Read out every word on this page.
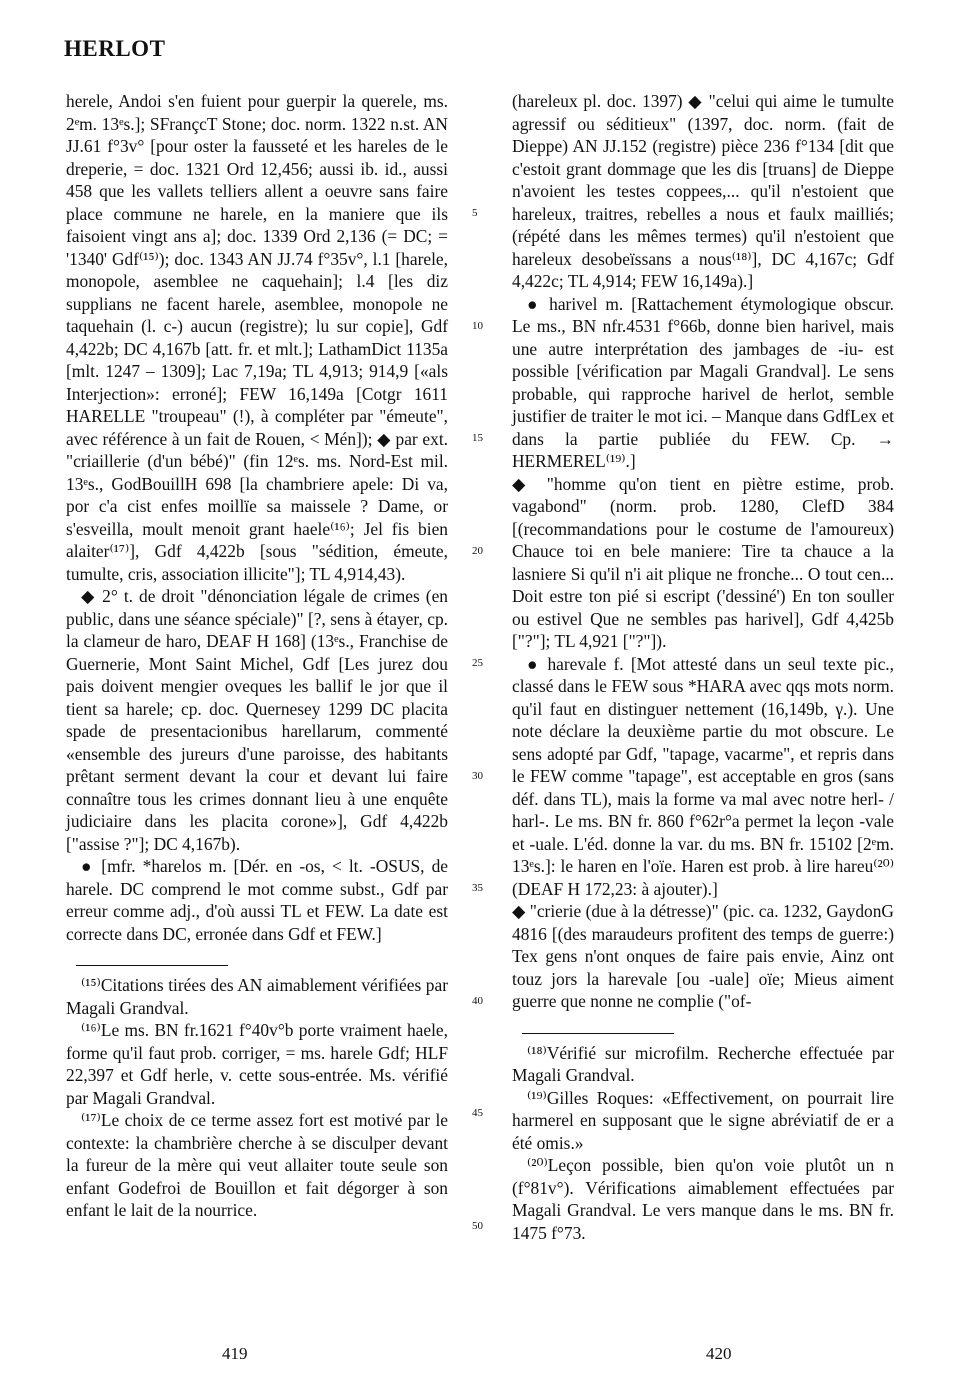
HERLOT

herele, Andoi s'en fuient pour guerpir la querele, ms. 2ᵉm. 13ᵉs.]; SFrançcT Stone; doc. norm. 1322 n.st. AN JJ.61 f°3v° [pour oster la fausseté et les hareles de le dreperie, = doc. 1321 Ord 12,456; aussi ib. id., aussi 458 que les vallets telliers allent a oeuvre sans faire place commune ne harele, en la maniere que ils faisoient vingt ans a]; doc. 1339 Ord 2,136 (= DC; = '1340' Gdf⁽¹⁵⁾); doc. 1343 AN JJ.74 f°35v°, l.1 [harele, monopole, asemblee ne caquehain]; l.4 [les diz supplians ne facent harele, asemblee, monopole ne taquehain (l. c-) aucun (registre); lu sur copie], Gdf 4,422b; DC 4,167b [att. fr. et mlt.]; LathamDict 1135a [mlt. 1247 – 1309]; Lac 7,19a; TL 4,913; 914,9 [«als Interjection»: erroné]; FEW 16,149a [Cotgr 1611 HARELLE "troupeau" (!), à compléter par "émeute", avec référence à un fait de Rouen, < Mén]); ◆ par ext. "criaillerie (d'un bébé)" (fin 12ᵉs. ms. Nord-Est mil. 13ᵉs., GodBouillH 698 [la chambriere apele: Di va, por c'a cist enfes moillïe sa maissele ? Dame, or s'esveilla, moult menoit grant haele⁽¹⁶⁾; Jel fis bien alaiter⁽¹⁷⁾], Gdf 4,422b [sous "sédition, émeute, tumulte, cris, association illicite"]; TL 4,914,43).

◆ 2° t. de droit "dénonciation légale de crimes (en public, dans une séance spéciale)" [?, sens à étayer, cp. la clameur de haro, DEAF H 168] (13ᵉs., Franchise de Guernerie, Mont Saint Michel, Gdf [Les jurez dou pais doivent mengier oveques les ballif le jor que il tient sa harele; cp. doc. Quernesey 1299 DC placita spade de presentacionibus harellarum, commenté «ensemble des jureurs d'une paroisse, des habitants prêtant serment devant la cour et devant lui faire connaître tous les crimes donnant lieu à une enquête judiciaire dans les placita corone»], Gdf 4,422b ["assise ?"]; DC 4,167b).

● [mfr. *harelos m. [Dér. en -os, < lt. -OSUS, de harele. DC comprend le mot comme subst., Gdf par erreur comme adj., d'où aussi TL et FEW. La date est correcte dans DC, erronée dans Gdf et FEW.]

⁽¹⁵⁾Citations tirées des AN aimablement vérifiées par Magali Grandval.

⁽¹⁶⁾Le ms. BN fr.1621 f°40v°b porte vraiment haele, forme qu'il faut prob. corriger, = ms. harele Gdf; HLF 22,397 et Gdf herle, v. cette sous-entrée. Ms. vérifié par Magali Grandval.

⁽¹⁷⁾Le choix de ce terme assez fort est motivé par le contexte: la chambrière cherche à se disculper devant la fureur de la mère qui veut allaiter toute seule son enfant Godefroi de Bouillon et fait dégorger à son enfant le lait de la nourrice.

5
10
15
20
25
30
35
40
45
50

(hareleux pl. doc. 1397) ◆ "celui qui aime le tumulte agressif ou séditieux" (1397, doc. norm. (fait de Dieppe) AN JJ.152 (registre) pièce 236 f°134 [dit que c'estoit grant dommage que les dis [truans] de Dieppe n'avoient les testes coppees,... qu'il n'estoient que hareleux, traitres, rebelles a nous et faulx mailliés; (répété dans les mêmes termes) qu'il n'estoient que hareleux desobeïssans a nous⁽¹⁸⁾], DC 4,167c; Gdf 4,422c; TL 4,914; FEW 16,149a).]

● harivel m. [Rattachement étymologique obscur. Le ms., BN nfr.4531 f°66b, donne bien harivel, mais une autre interprétation des jambages de -iu- est possible [vérification par Magali Grandval]. Le sens probable, qui rapproche harivel de herlot, semble justifier de traiter le mot ici. – Manque dans GdfLex et dans la partie publiée du FEW. Cp. → HERMEREL⁽¹⁹⁾.]

◆ "homme qu'on tient en piètre estime, prob. vagabond" (norm. prob. 1280, ClefD 384 [(recommandations pour le costume de l'amoureux) Chauce toi en bele maniere: Tire ta chauce a la lasniere Si qu'il n'i ait plique ne fronche... O tout cen... Doit estre ton pié si escript ('dessiné') En ton souller ou estivel Que ne sembles pas harivel], Gdf 4,425b ["?"]; TL 4,921 ["?"]).

● harevale f. [Mot attesté dans un seul texte pic., classé dans le FEW sous *HARA avec qqs mots norm. qu'il faut en distinguer nettement (16,149b, γ.). Une note déclare la deuxième partie du mot obscure. Le sens adopté par Gdf, "tapage, vacarme", et repris dans le FEW comme "tapage", est acceptable en gros (sans déf. dans TL), mais la forme va mal avec notre herl- / harl-. Le ms. BN fr. 860 f°62r°a permet la leçon -vale et -uale. L'éd. donne la var. du ms. BN fr. 15102 [2ᵉm. 13ᵉs.]: le haren en l'oïe. Haren est prob. à lire hareu⁽²⁰⁾ (DEAF H 172,23: à ajouter).]

◆ "crierie (due à la détresse)" (pic. ca. 1232, GaydonG 4816 [(des maraudeurs profitent des temps de guerre:) Tex gens n'ont onques de faire pais envie, Ainz ont touz jors la harevale [ou -uale] oïe; Mieus aiment guerre que nonne ne complie ("of-

⁽¹⁸⁾Vérifié sur microfilm. Recherche effectuée par Magali Grandval.

⁽¹⁹⁾Gilles Roques: «Effectivement, on pourrait lire harmerel en supposant que le signe abréviatif de er a été omis.»

⁽²⁰⁾Leçon possible, bien qu'on voie plutôt un n (f°81v°). Vérifications aimablement effectuées par Magali Grandval. Le vers manque dans le ms. BN fr. 1475 f°73.

419	420
